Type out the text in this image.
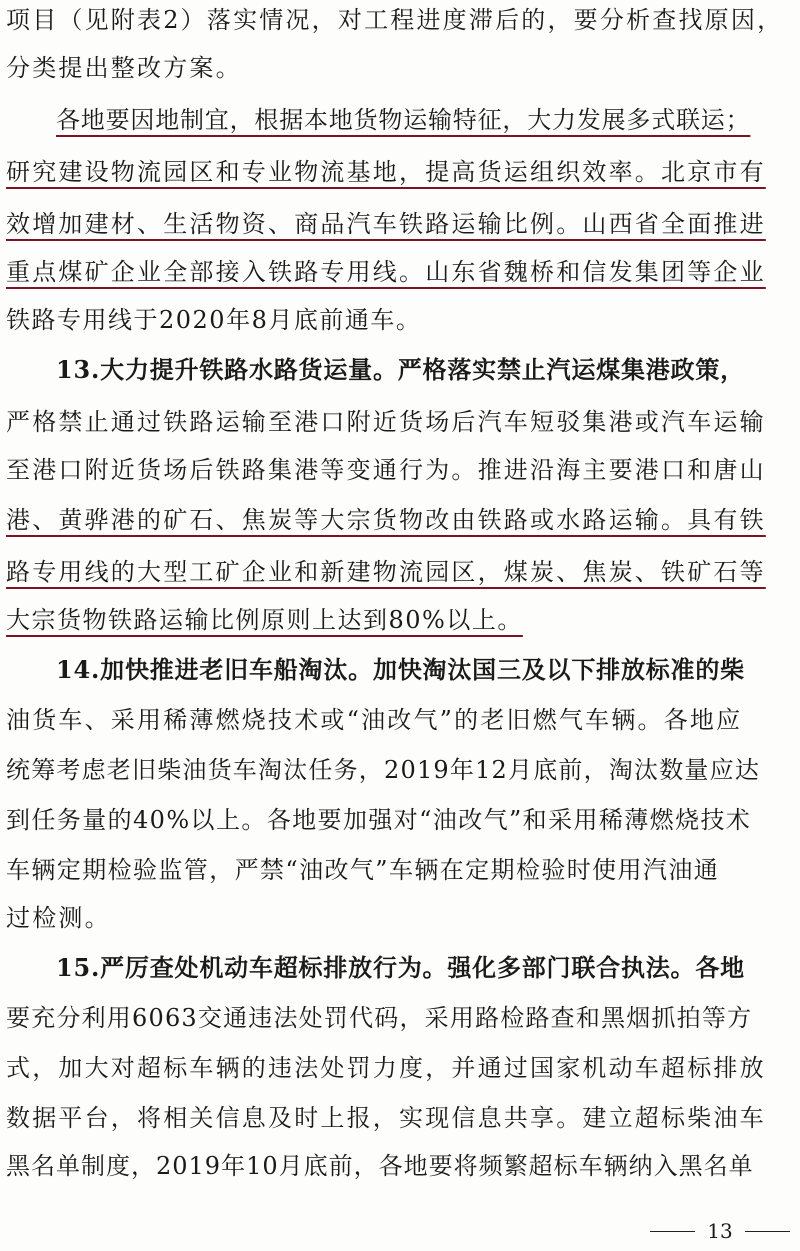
项目（见附表2）落实情况，对工程进度滞后的，要分析查找原因，
分类提出整改方案。
各地要因地制宜，根据本地货物运输特征，大力发展多式联运；
研究建设物流园区和专业物流基地，提高货运组织效率。北京市有
效增加建材、生活物资、商品汽车铁路运输比例。山西省全面推进
重点煤矿企业全部接入铁路专用线。山东省魏桥和信发集团等企业
铁路专用线于2020年8月底前通车。
13.大力提升铁路水路货运量。严格落实禁止汽运煤集港政策，
严格禁止通过铁路运输至港口附近货场后汽车短驳集港或汽车运输
至港口附近货场后铁路集港等变通行为。推进沿海主要港口和唐山
港、黄骅港的矿石、焦炭等大宗货物改由铁路或水路运输。具有铁
路专用线的大型工矿企业和新建物流园区，煤炭、焦炭、铁矿石等
大宗货物铁路运输比例原则上达到80%以上。
14.加快推进老旧车船淘汰。加快淘汰国三及以下排放标准的柴
油货车、采用稀薄燃烧技术或“油改气”的老旧燃气车辆。各地应
统筹考虑老旧柴油货车淘汰任务，2019年12月底前，淘汰数量应达
到任务量的40%以上。各地要加强对“油改气”和采用稀薄燃烧技术
车辆定期检验监管，严禁“油改气”车辆在定期检验时使用汽油通
过检测。
15.严厉查处机动车超标排放行为。强化多部门联合执法。各地
要充分利用6063交通违法处罚代码，采用路检路查和黑烟抓拍等方
式，加大对超标车辆的违法处罚力度，并通过国家机动车超标排放
数据平台，将相关信息及时上报，实现信息共享。建立超标柴油车
黑名单制度，2019年10月底前，各地要将频繁超标车辆纳入黑名单
13
